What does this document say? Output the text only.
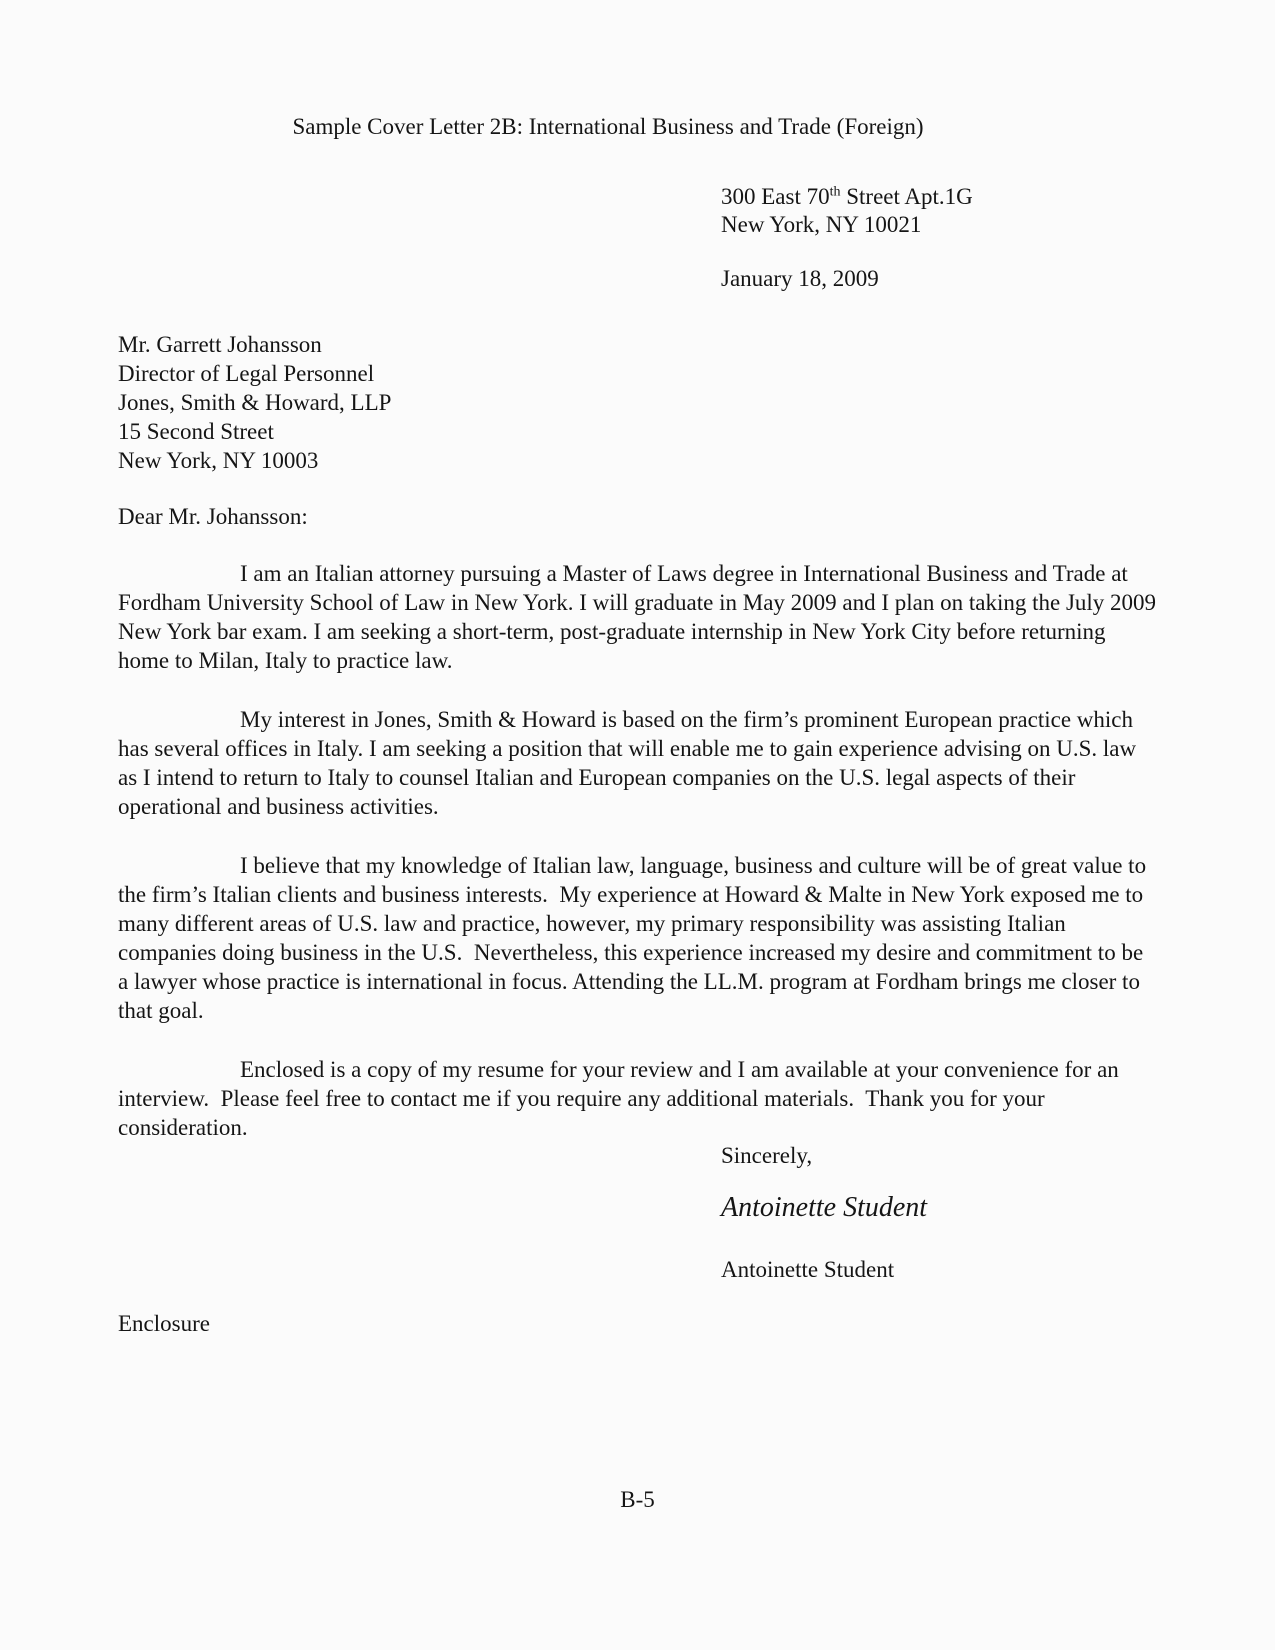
Sample Cover Letter 2B: International Business and Trade (Foreign)
300 East 70th Street Apt.1G
New York, NY 10021
January 18, 2009
Mr. Garrett Johansson
Director of Legal Personnel
Jones, Smith & Howard, LLP
15 Second Street
New York, NY 10003
Dear Mr. Johansson:

I am an Italian attorney pursuing a Master of Laws degree in International Business and Trade at Fordham University School of Law in New York. I will graduate in May 2009 and I plan on taking the July 2009 New York bar exam. I am seeking a short-term, post-graduate internship in New York City before returning home to Milan, Italy to practice law.

My interest in Jones, Smith & Howard is based on the firm’s prominent European practice which has several offices in Italy. I am seeking a position that will enable me to gain experience advising on U.S. law as I intend to return to Italy to counsel Italian and European companies on the U.S. legal aspects of their operational and business activities.

I believe that my knowledge of Italian law, language, business and culture will be of great value to the firm’s Italian clients and business interests.  My experience at Howard & Malte in New York exposed me to many different areas of U.S. law and practice, however, my primary responsibility was assisting Italian companies doing business in the U.S.  Nevertheless, this experience increased my desire and commitment to be a lawyer whose practice is international in focus. Attending the LL.M. program at Fordham brings me closer to that goal.

Enclosed is a copy of my resume for your review and I am available at your convenience for an interview.  Please feel free to contact me if you require any additional materials.  Thank you for your consideration.

Sincerely,
Antoinette Student
Antoinette Student
Enclosure
B-5
